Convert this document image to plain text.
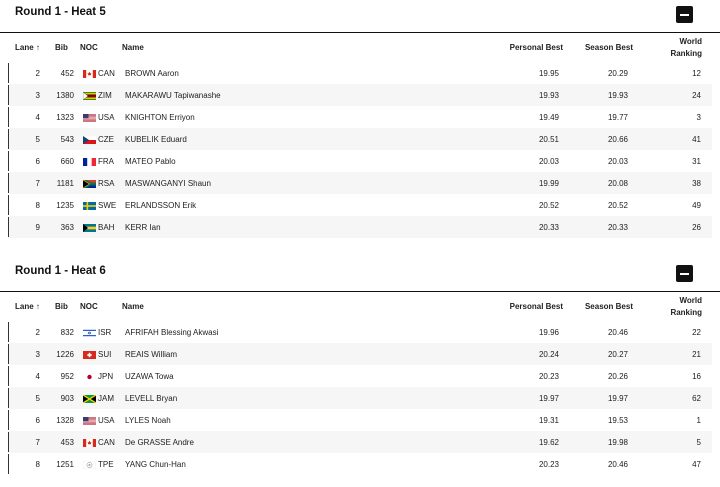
Round 1 - Heat 5
Lane ↑ Bib NOC	Name	Personal Best	Season Best
World
Ranking
2	452	CAN BROWN Aaron	19.95	20.29	12
3	1380	ZIM MAKARAWU Tapiwanashe	19.93	19.93	24
4	1323	USA KNIGHTON Erriyon	19.49	19.77	3
5	543	CZE KUBELIK Eduard	20.51	20.66	41
6	660	FRA MATEO Pablo	20.03	20.03	31
7	1181	RSA MASWANGANYI Shaun	19.99	20.08	38
8	1235	SWE ERLANDSSON Erik	20.52	20.52	49
9	363	BAH KERR Ian	20.33	20.33	26
Round 1 - Heat 6
Lane ↑ Bib NOC	Name	Personal Best	Season Best
World
Ranking
2	832	ISR AFRIFAH Blessing Akwasi	19.96	20.46	22
3	1226	SUI REAIS William	20.24	20.27	21
4	952	JPN UZAWA Towa	20.23	20.26	16
5	903	JAM LEVELL Bryan	19.97	19.97	62
6	1328	USA LYLES Noah	19.31	19.53	1
7	453	CAN De GRASSE Andre	19.62	19.98	5
8	1251	TPE YANG Chun-Han	20.23	20.46	47
